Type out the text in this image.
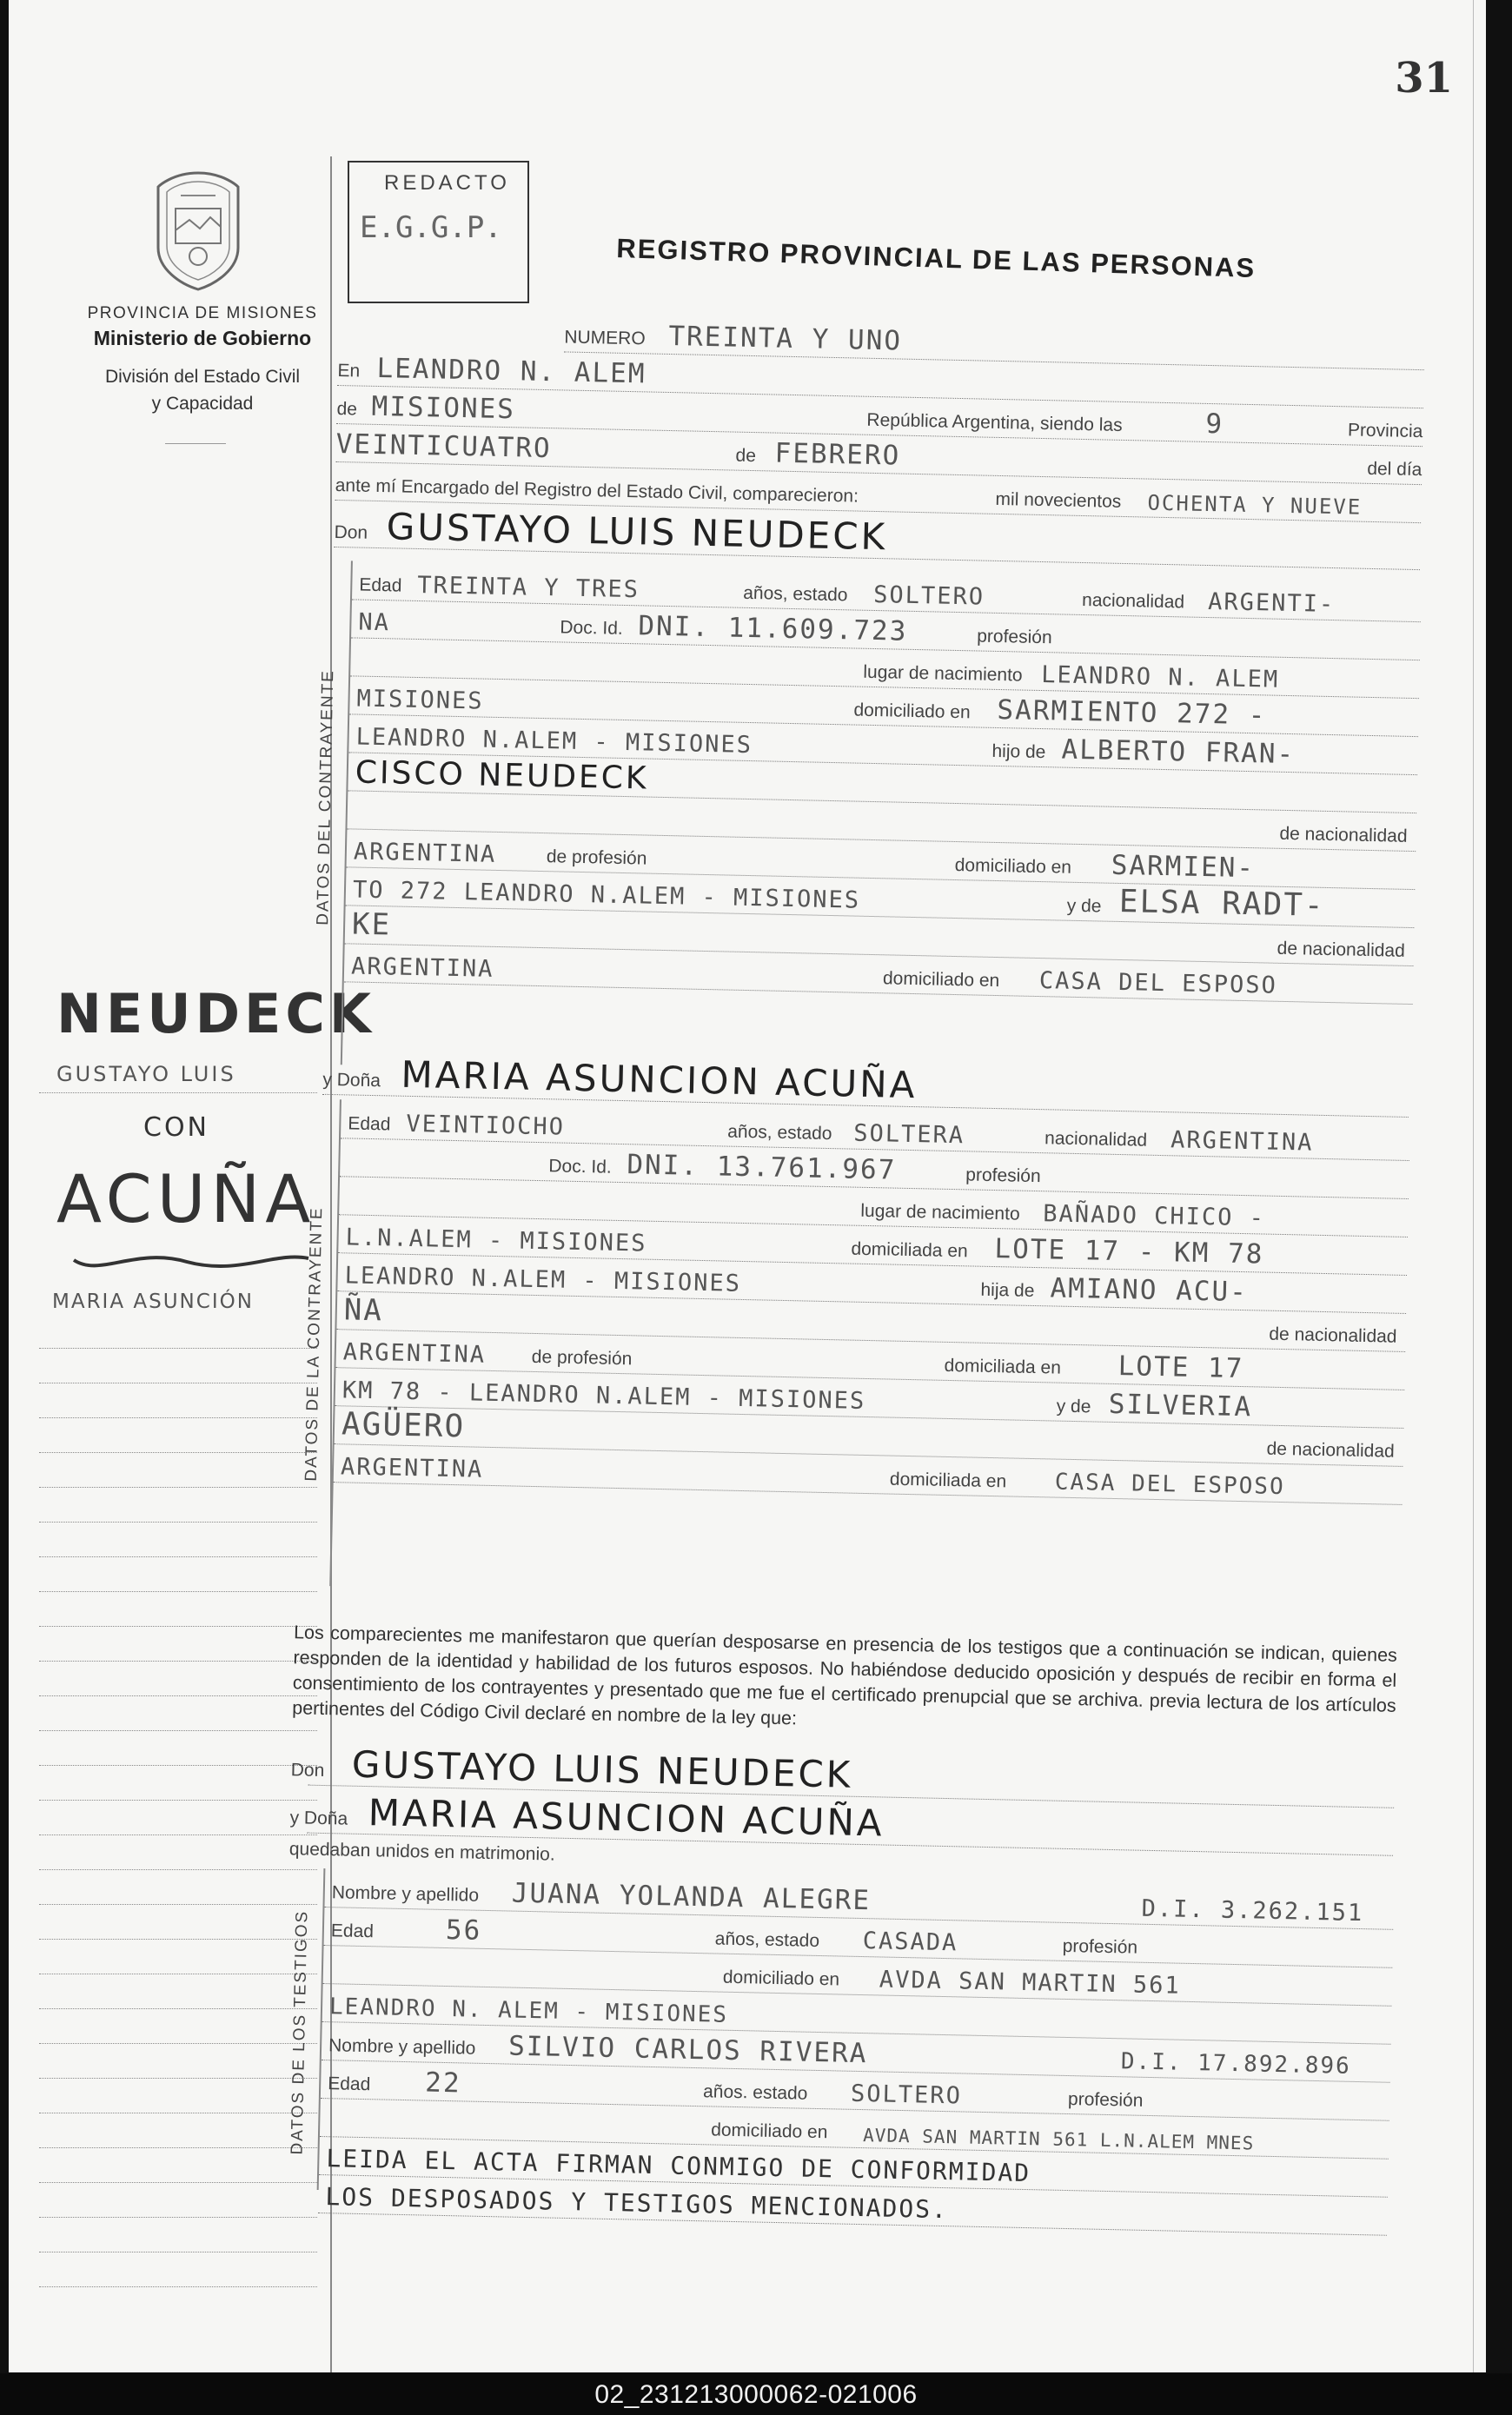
31
PROVINCIA DE MISIONES
Ministerio de Gobierno
División del Estado Civil
y Capacidad
REDACTO
E.G.G.P.
REGISTRO PROVINCIAL DE LAS PERSONAS
NEUDECK
GUSTAYO LUIS
CON
ACUÑA
MARIA ASUNCIÓN
NUMERO TREINTA Y UNO
En LEANDRO N. ALEM
de MISIONES	República Argentina, siendo las	9	Provincia
VEINTICUATRO	de FEBRERO	del día
ante mí Encargado del Registro del Estado Civil, comparecieron:	mil novecientos OCHENTA Y NUEVE
Don GUSTAYO LUIS NEUDECK
DATOS DEL CONTRAYENTE
Edad TREINTA Y TRES	años, estado SOLTERO	nacionalidad ARGENTI-
NA	Doc. Id. DNI. 11.609.723	profesión
lugar de nacimiento LEANDRO N. ALEM
MISIONES	domiciliado en SARMIENTO 272 -
LEANDRO N.ALEM - MISIONES	hijo de ALBERTO FRAN-
CISCO NEUDECK
de nacionalidad
ARGENTINA	de profesión	domiciliado en SARMIEN-
TO 272 LEANDRO N.ALEM - MISIONES	y de ELSA RADT-
KE
de nacionalidad
ARGENTINA	domiciliado en CASA DEL ESPOSO
y Doña MARIA ASUNCION ACUÑA
DATOS DE LA CONTRAYENTE
Edad VEINTIOCHO	años, estado SOLTERA	nacionalidad ARGENTINA
Doc. Id. DNI. 13.761.967	profesión
lugar de nacimiento BAÑADO CHICO -
L.N.ALEM - MISIONES	domiciliada en LOTE 17 - KM 78
LEANDRO N.ALEM - MISIONES	hija de AMIANO ACU-
ÑA
de nacionalidad
ARGENTINA de profesión	domiciliada en LOTE 17
KM 78 - LEANDRO N.ALEM - MISIONES	y de SILVERIA
AGÜERO
de nacionalidad
ARGENTINA	domiciliada en CASA DEL ESPOSO
Los comparecientes me manifestaron que querían desposarse en presencia de los testigos que a continuación se indican, quienes responden de la identidad y habilidad de los futuros esposos. No habiéndose deducido oposición y después de recibir en forma el consentimiento de los contrayentes y presentado que me fue el certificado prenupcial que se archiva. previa lectura de los artículos pertinentes del Código Civil declaré en nombre de la ley que:
Don GUSTAYO LUIS NEUDECK
y Doña MARIA ASUNCION ACUÑA
quedaban unidos en matrimonio.
DATOS DE LOS TESTIGOS
Nombre y apellido JUANA YOLANDA ALEGRE	D.I. 3.262.151
Edad	56	años, estado CASADA	profesión
domiciliado en AVDA SAN MARTIN 561
LEANDRO N. ALEM - MISIONES
Nombre y apellido SILVIO CARLOS RIVERA	D.I. 17.892.896
Edad 22	años. estado SOLTERO	profesión
domiciliado en AVDA SAN MARTIN 561 L.N.ALEM MNES
LEIDA EL ACTA FIRMAN CONMIGO DE CONFORMIDAD
LOS DESPOSADOS Y TESTIGOS MENCIONADOS.
02_231213000062-021006
